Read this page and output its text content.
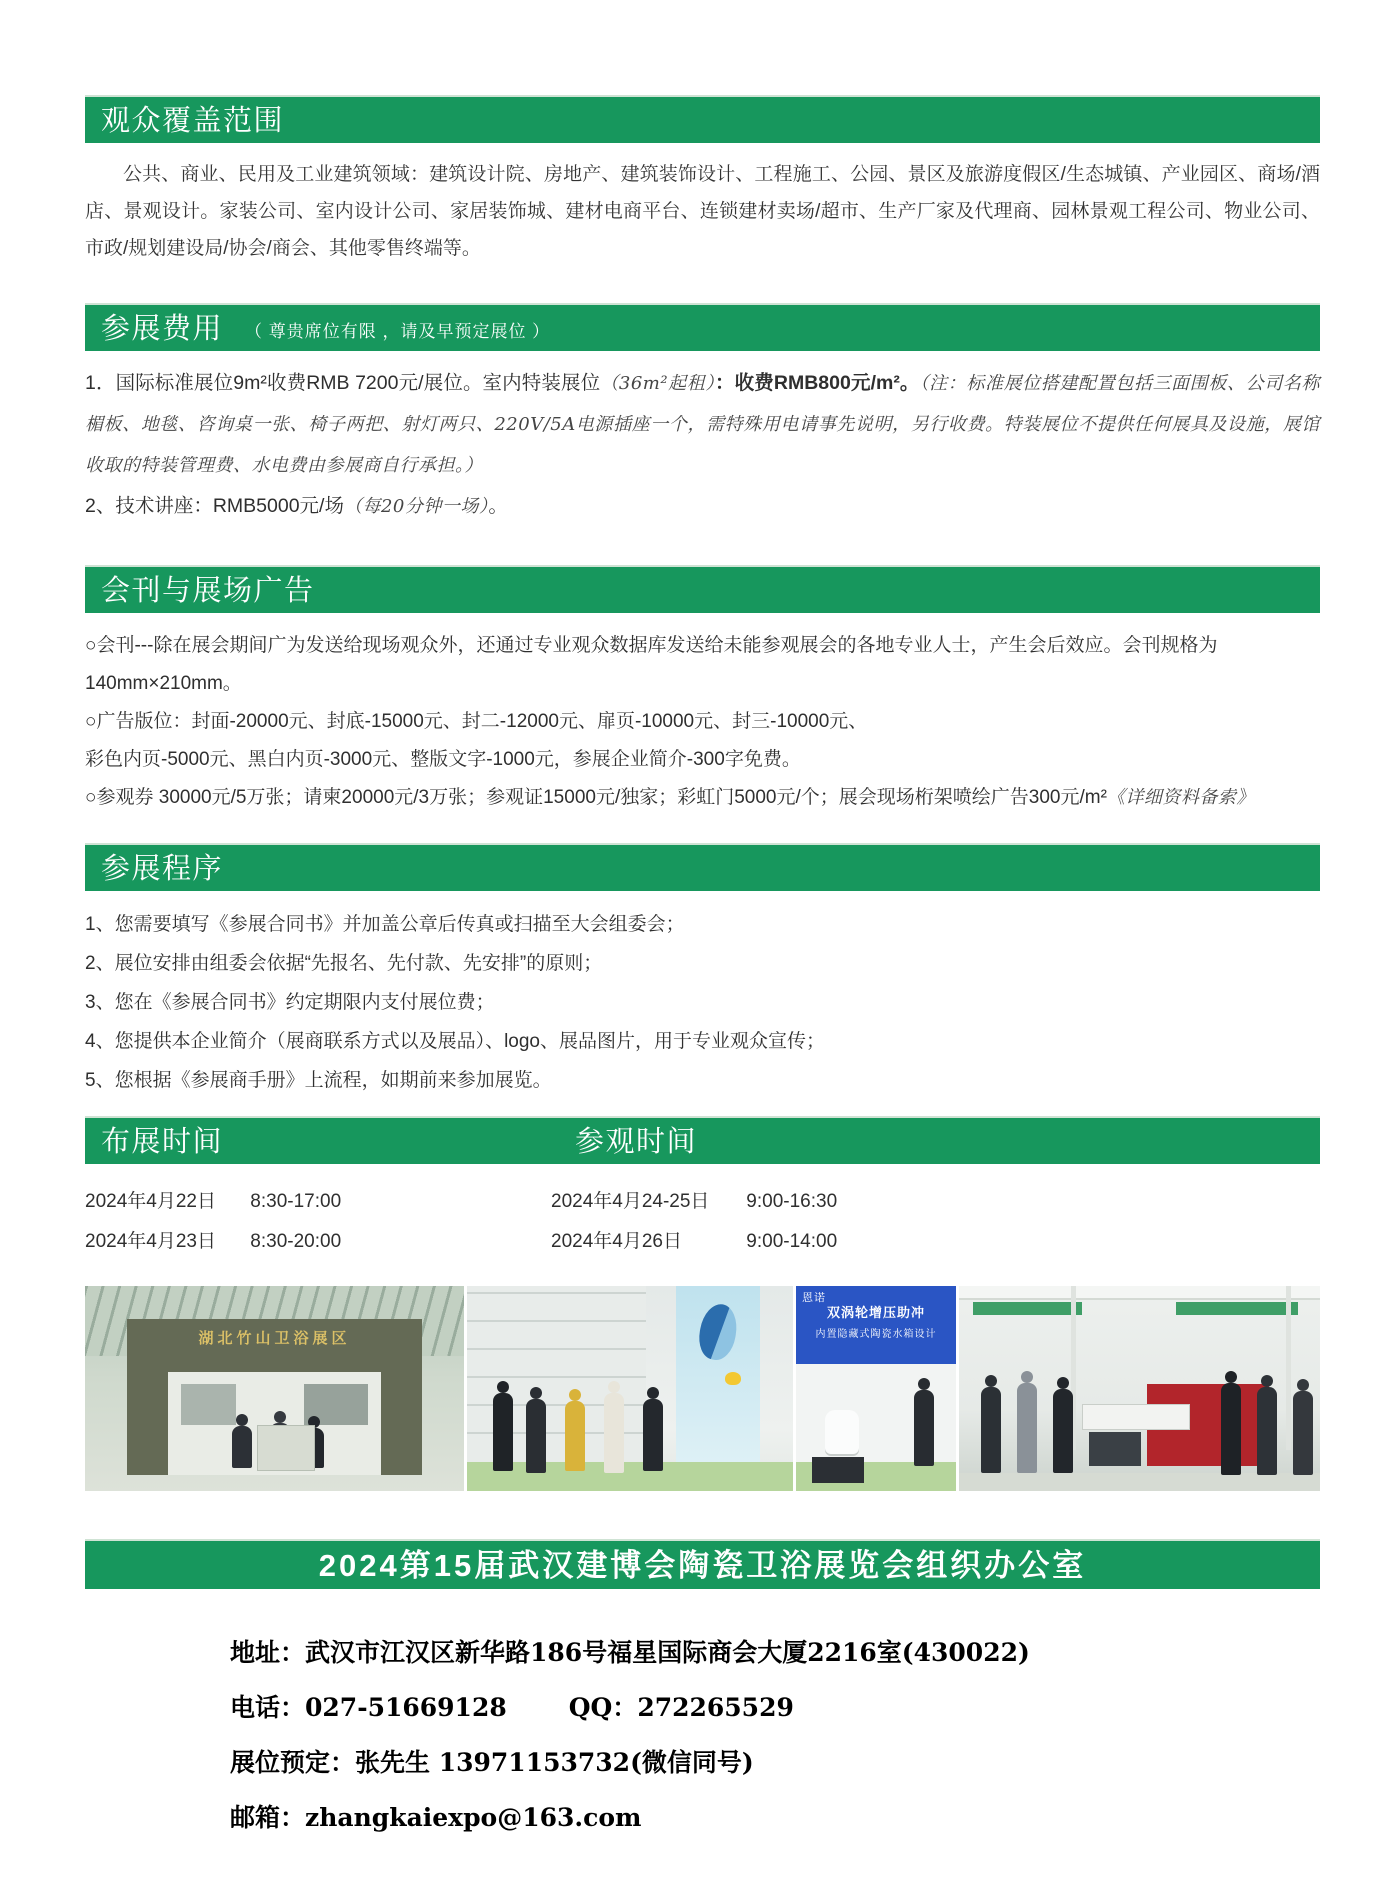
观众覆盖范围

公共、商业、民用及工业建筑领域：建筑设计院、房地产、建筑装饰设计、工程施工、公园、景区及旅游度假区/生态城镇、产业园区、商场/酒店、景观设计。家装公司、室内设计公司、家居装饰城、建材电商平台、连锁建材卖场/超市、生产厂家及代理商、园林景观工程公司、物业公司、市政/规划建设局/协会/商会、其他零售终端等。

参展费用 （ 尊贵席位有限 ，请及早预定展位 ）

1．国际标准展位9m²收费RMB 7200元/展位。室内特装展位（36m²起租）：收费RMB800元/m²。（注：标准展位搭建配置包括三面围板、公司名称楣板、地毯、咨询桌一张、椅子两把、射灯两只、220V/5A电源插座一个，需特殊用电请事先说明，另行收费。特装展位不提供任何展具及设施，展馆收取的特装管理费、水电费由参展商自行承担。）

2、技术讲座：RMB5000元/场（每20分钟一场）。

会刊与展场广告

○会刊---除在展会期间广为发送给现场观众外，还通过专业观众数据库发送给未能参观展会的各地专业人士，产生会后效应。会刊规格为140mm×210mm。

○广告版位：封面-20000元、封底-15000元、封二-12000元、扉页-10000元、封三-10000元、

彩色内页-5000元、黑白内页-3000元、整版文字-1000元，参展企业简介-300字免费。

○参观券 30000元/5万张；请柬20000元/3万张；参观证15000元/独家；彩虹门5000元/个；展会现场桁架喷绘广告300元/m²《详细资料备索》

参展程序
1、您需要填写《参展合同书》并加盖公章后传真或扫描至大会组委会；
2、展位安排由组委会依据“先报名、先付款、先安排”的原则；
3、您在《参展合同书》约定期限内支付展位费；
4、您提供本企业简介（展商联系方式以及展品）、logo、展品图片，用于专业观众宣传；
5、您根据《参展商手册》上流程，如期前来参加展览。
布展时间	参观时间
2024年4月22日 8:30-17:00
2024年4月23日 8:30-20:00
2024年4月24-25日 9:00-16:30
2024年4月26日	9:00-14:00
湖北竹山卫浴展区
恩诺
双涡轮增压助冲
内置隐藏式陶瓷水箱设计
2024第15届武汉建博会陶瓷卫浴展览会组织办公室
地址：武汉市江汉区新华路186号福星国际商会大厦2216室(430022)
电话：027-51669128 QQ：272265529
展位预定：张先生 13971153732(微信同号)
邮箱：zhangkaiexpo@163.com
